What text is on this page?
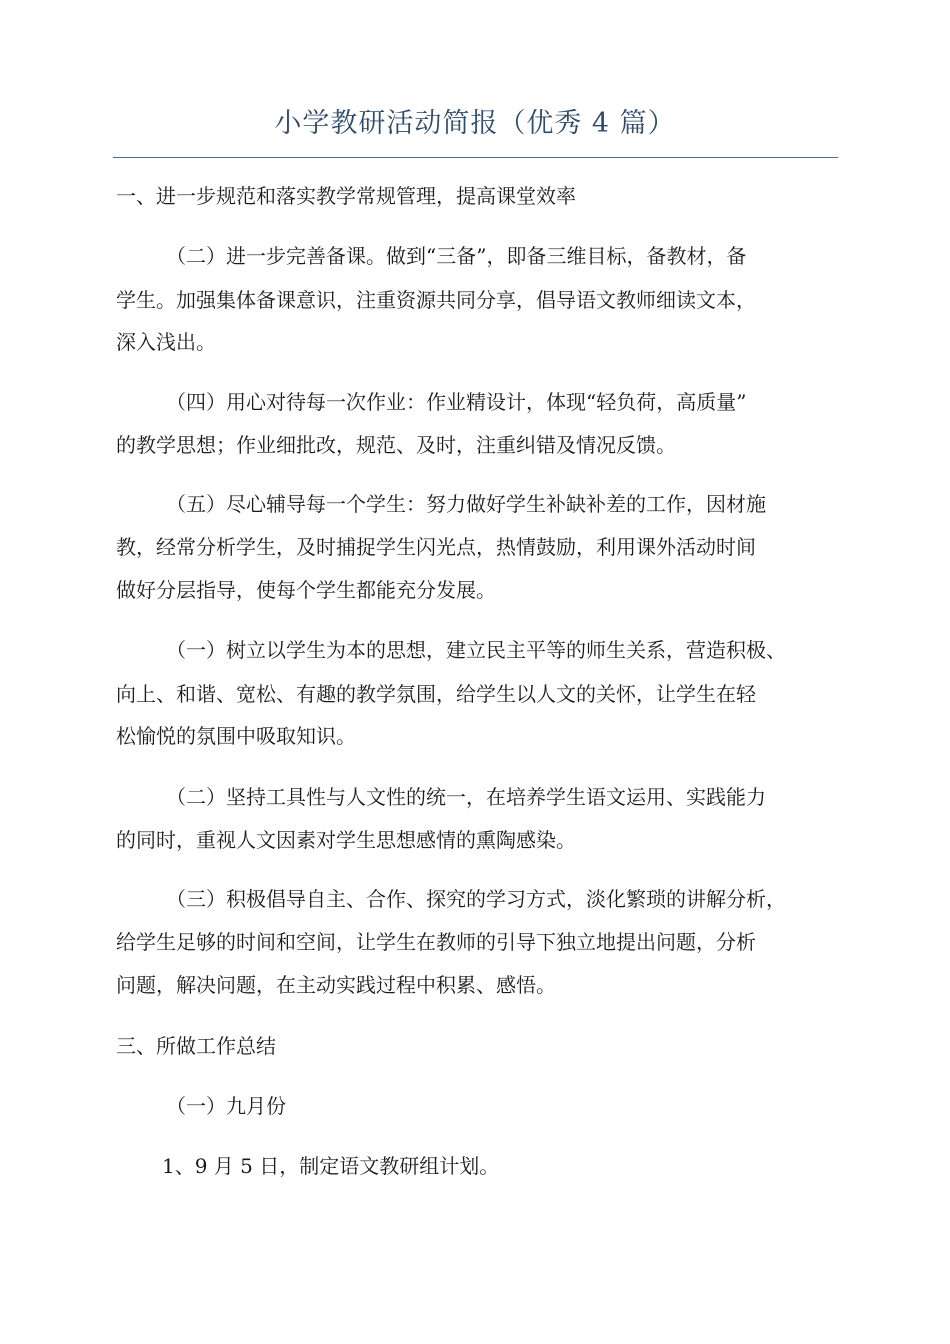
小学教研活动简报（优秀 4 篇）
一、进一步规范和落实教学常规管理，提高课堂效率
（二）进一步完善备课。做到“三备”，即备三维目标，备教材，备
学生。加强集体备课意识，注重资源共同分享，倡导语文教师细读文本，
深入浅出。
（四）用心对待每一次作业：作业精设计，体现“轻负荷，高质量”
的教学思想；作业细批改，规范、及时，注重纠错及情况反馈。
（五）尽心辅导每一个学生：努力做好学生补缺补差的工作，因材施
教，经常分析学生，及时捕捉学生闪光点，热情鼓励，利用课外活动时间
做好分层指导，使每个学生都能充分发展。
（一）树立以学生为本的思想，建立民主平等的师生关系，营造积极、
向上、和谐、宽松、有趣的教学氛围，给学生以人文的关怀，让学生在轻
松愉悦的氛围中吸取知识。
（二）坚持工具性与人文性的统一，在培养学生语文运用、实践能力
的同时，重视人文因素对学生思想感情的熏陶感染。
（三）积极倡导自主、合作、探究的学习方式，淡化繁琐的讲解分析，
给学生足够的时间和空间，让学生在教师的引导下独立地提出问题，分析
问题，解决问题，在主动实践过程中积累、感悟。
三、所做工作总结
（一）九月份
1、9 月 5 日，制定语文教研组计划。
